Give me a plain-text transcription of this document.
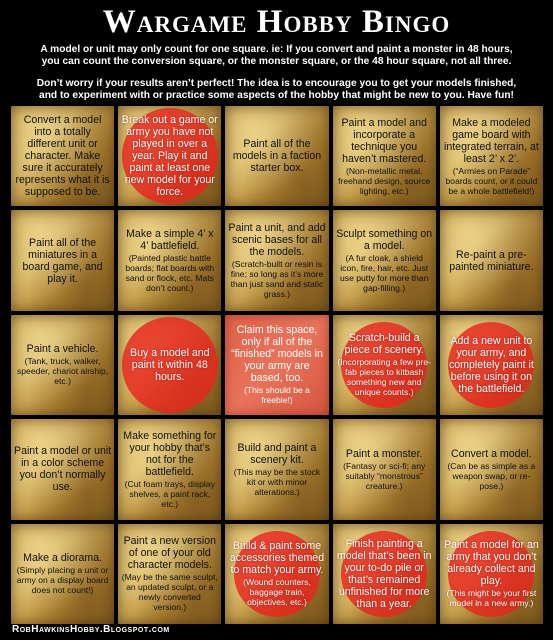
Wargame Hobby Bingo
A model or unit may only count for one square. ie: If you convert and paint a monster in 48 hours, you can count the conversion square, or the monster square, or the 48 hour square, not all three.
Don’t worry if your results aren’t perfect! The idea is to encourage you to get your models finished, and to experiment with or practice some aspects of the hobby that might be new to you. Have fun!
Convert a model into a totally different unit or character. Make sure it accurately represents what it is supposed to be.
Break out a game or army you have not played in over a year. Play it and paint at least one new model for your force.
Paint all of the models in a faction starter box.
Paint a model and incorporate a technique you haven’t mastered.
(Non-metallic metal, freehand design, source lighting, etc.)
Make a modeled game board with integrated terrain, at least 2’ x 2’.
(“Armies on Parade” boards count, or it could be a whole battlefield!)
Paint all of the miniatures in a board game, and play it.
Make a simple 4’ x 4’ battlefield.
(Painted plastic battle boards; flat boards with sand or flock, etc. Mats don’t count.)
Paint a unit, and add scenic bases for all the models.
(Scratch-built or resin is fine; so long as it’s more than just sand and static grass.)
Sculpt something on a model.
(A fur cloak, a shield icon, fire, hair, etc. Just use putty for more than gap-filling.)
Re-paint a pre-painted miniature.
Paint a vehicle.
(Tank, truck, walker, speeder, chariot airship, etc.)
Buy a model and paint it within 48 hours.
Claim this space, only if all of the “finished” models in your army are based, too.
(This should be a freebie!)
Scratch-build a piece of scenery.
(Incorporating a few pre-fab pieces to kitbash something new and unique counts.)
Add a new unit to your army, and completely paint it before using it on the battlefield.
Paint a model or unit in a color scheme you don’t normally use.
Make something for your hobby that’s not for the battlefield.
(Cut foam trays, display shelves, a paint rack, etc.)
Build and paint a scenery kit.
(This may be the stock kit or with minor alterations.)
Paint a monster.
(Fantasy or sci-fi; any suitably “monstrous” creature.)
Convert a model.
(Can be as simple as a weapon swap, or re-pose.)
Make a diorama.
(Simply placing a unit or army on a display board does not count!)
Paint a new version of one of your old character models.
(May be the same sculpt, an updated sculpt, or a newly converted version.)
Build & paint some accessories themed to match your army.
(Wound counters, baggage train, objectives, etc.)
Finish painting a model that’s been in your to-do pile or that’s remained unfinished for more than a year.
Paint a model for an army that you don’t already collect and play.
(This might be your first model in a new army.)
RobHawkinsHobby.Blogspot.com
